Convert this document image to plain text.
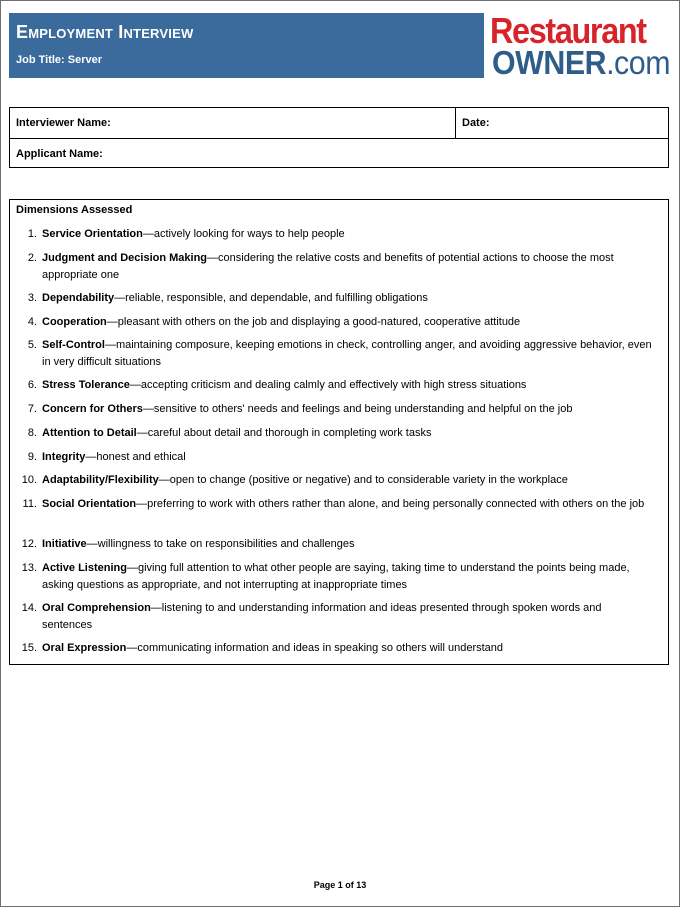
Employment Interview
Job Title: Server
Restaurant
OWNER.com
Interviewer Name:	Date:
Applicant Name:
Dimensions Assessed
1. Service Orientation—actively looking for ways to help people
2. Judgment and Decision Making—considering the relative costs and benefits of potential actions to choose the most appropriate one
3. Dependability—reliable, responsible, and dependable, and fulfilling obligations
4. Cooperation—pleasant with others on the job and displaying a good-natured, cooperative attitude
5. Self-Control—maintaining composure, keeping emotions in check, controlling anger, and avoiding aggressive behavior, even in very difficult situations
6. Stress Tolerance—accepting criticism and dealing calmly and effectively with high stress situations
7. Concern for Others—sensitive to others' needs and feelings and being understanding and helpful on the job
8. Attention to Detail—careful about detail and thorough in completing work tasks
9. Integrity—honest and ethical
10. Adaptability/Flexibility—open to change (positive or negative) and to considerable variety in the workplace
11. Social Orientation—preferring to work with others rather than alone, and being personally connected with others on the job
12. Initiative—willingness to take on responsibilities and challenges
13. Active Listening—giving full attention to what other people are saying, taking time to understand the points being made, asking questions as appropriate, and not interrupting at inappropriate times
14. Oral Comprehension—listening to and understanding information and ideas presented through spoken words and sentences
15. Oral Expression—communicating information and ideas in speaking so others will understand
Page 1 of 13
